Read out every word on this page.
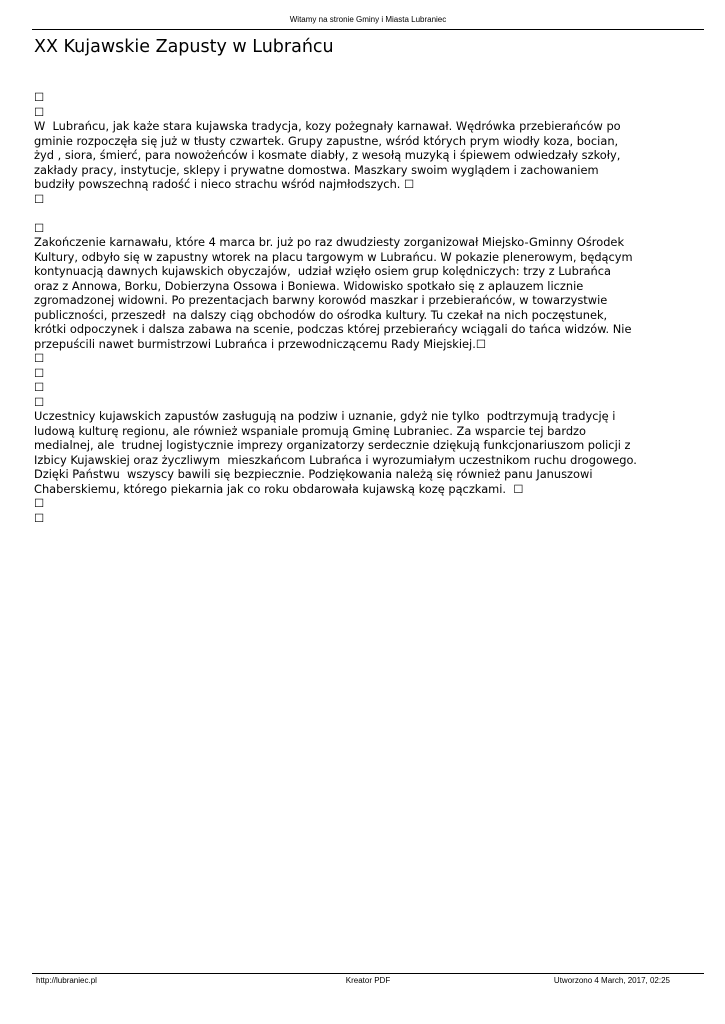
Witamy na stronie Gminy i Miasta Lubraniec
XX Kujawskie Zapusty w Lubrańcu
☐
☐
W  Lubrańcu, jak każe stara kujawska tradycja, kozy pożegnały karnawał. Wędrówka przebierańców po
gminie rozpoczęła się już w tłusty czwartek. Grupy zapustne, wśród których prym wiodły koza, bocian,
żyd , siora, śmierć, para nowożeńców i kosmate diabły, z wesołą muzyką i śpiewem odwiedzały szkoły,
zakłady pracy, instytucje, sklepy i prywatne domostwa. Maszkary swoim wyglądem i zachowaniem
budziły powszechną radość i nieco strachu wśród najmłodszych. ☐
☐
☐
Zakończenie karnawału, które 4 marca br. już po raz dwudziesty zorganizował Miejsko-Gminny Ośrodek
Kultury, odbyło się w zapustny wtorek na placu targowym w Lubrańcu. W pokazie plenerowym, będącym
kontynuacją dawnych kujawskich obyczajów,  udział wzięło osiem grup kolędniczych: trzy z Lubrańca
oraz z Annowa, Borku, Dobierzyna Ossowa i Boniewa. Widowisko spotkało się z aplauzem licznie
zgromadzonej widowni. Po prezentacjach barwny korowód maszkar i przebierańców, w towarzystwie
publiczności, przeszedł  na dalszy ciąg obchodów do ośrodka kultury. Tu czekał na nich poczęstunek,
krótki odpoczynek i dalsza zabawa na scenie, podczas której przebierańcy wciągali do tańca widzów. Nie
przepuścili nawet burmistrzowi Lubrańca i przewodniczącemu Rady Miejskiej.☐
☐
☐
☐
☐
Uczestnicy kujawskich zapustów zasługują na podziw i uznanie, gdyż nie tylko  podtrzymują tradycję i
ludową kulturę regionu, ale również wspaniale promują Gminę Lubraniec. Za wsparcie tej bardzo
medialnej, ale  trudnej logistycznie imprezy organizatorzy serdecznie dziękują funkcjonariuszom policji z
Izbicy Kujawskiej oraz życzliwym  mieszkańcom Lubrańca i wyrozumiałym uczestnikom ruchu drogowego.
Dzięki Państwu  wszyscy bawili się bezpiecznie. Podziękowania należą się również panu Januszowi
Chaberskiemu, którego piekarnia jak co roku obdarowała kujawską kozę pączkami.  ☐
☐
☐
http://lubraniec.pl	Kreator PDF	Utworzono 4 March, 2017, 02:25
